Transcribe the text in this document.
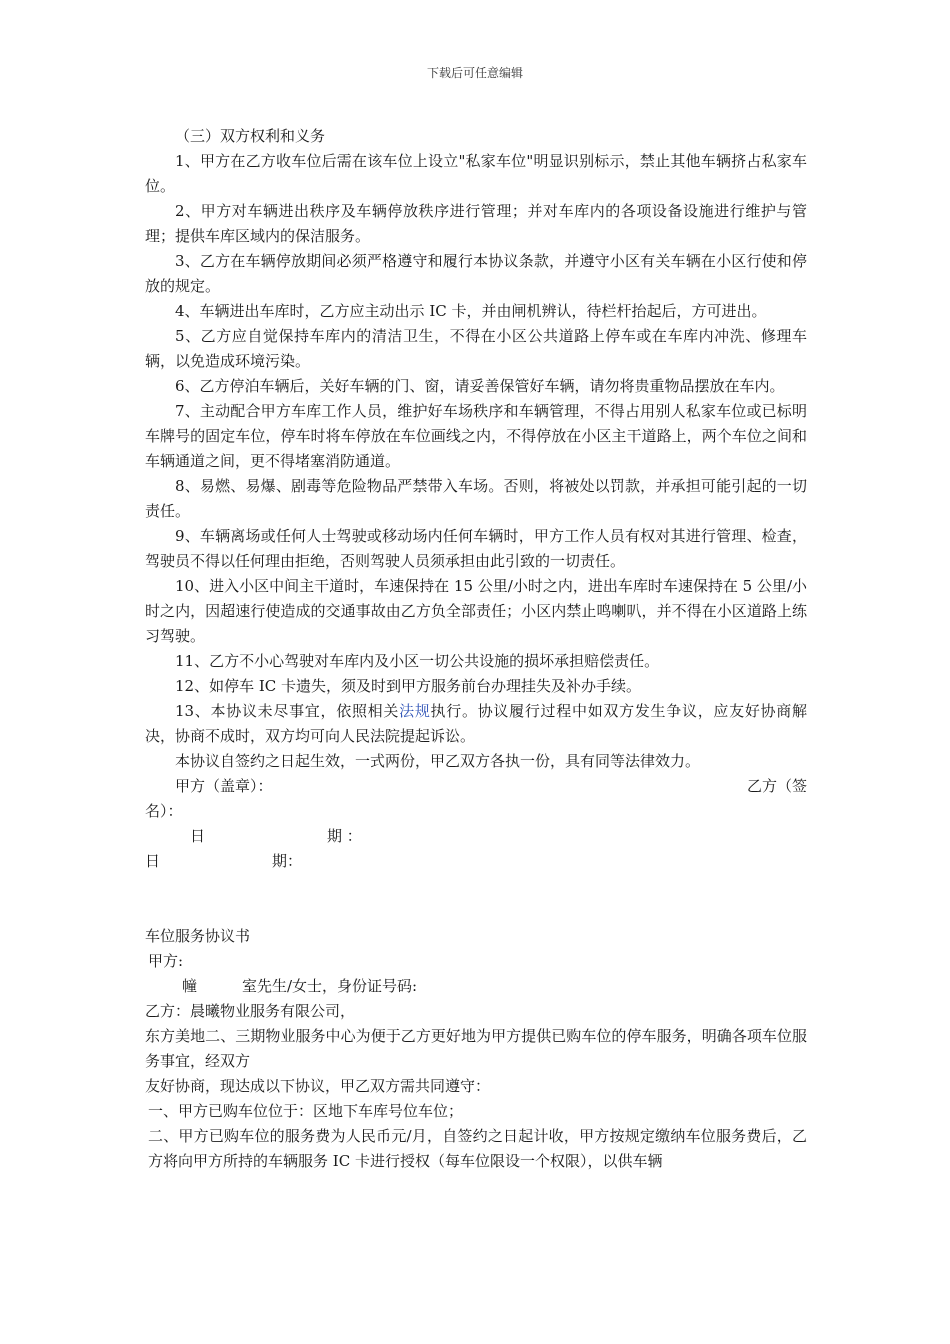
下载后可任意编辑

（三）双方权利和义务

1、甲方在乙方收车位后需在该车位上设立"私家车位"明显识别标示，禁止其他车辆挤占私家车位。

2、甲方对车辆进出秩序及车辆停放秩序进行管理；并对车库内的各项设备设施进行维护与管理；提供车库区域内的保洁服务。

3、乙方在车辆停放期间必须严格遵守和履行本协议条款，并遵守小区有关车辆在小区行使和停放的规定。

4、车辆进出车库时，乙方应主动出示 IC 卡，并由闸机辨认，待栏杆抬起后，方可进出。

5、乙方应自觉保持车库内的清洁卫生，不得在小区公共道路上停车或在车库内冲洗、修理车辆，以免造成环境污染。

6、乙方停泊车辆后，关好车辆的门、窗，请妥善保管好车辆，请勿将贵重物品摆放在车内。

7、主动配合甲方车库工作人员，维护好车场秩序和车辆管理，不得占用别人私家车位或已标明车牌号的固定车位，停车时将车停放在车位画线之内，不得停放在小区主干道路上，两个车位之间和车辆通道之间，更不得堵塞消防通道。

8、易燃、易爆、剧毒等危险物品严禁带入车场。否则，将被处以罚款，并承担可能引起的一切责任。

9、车辆离场或任何人士驾驶或移动场内任何车辆时，甲方工作人员有权对其进行管理、检查，驾驶员不得以任何理由拒绝，否则驾驶人员须承担由此引致的一切责任。

10、进入小区中间主干道时，车速保持在 15 公里/小时之内，进出车库时车速保持在 5 公里/小时之内，因超速行使造成的交通事故由乙方负全部责任；小区内禁止鸣喇叭，并不得在小区道路上练习驾驶。

11、乙方不小心驾驶对车库内及小区一切公共设施的损坏承担赔偿责任。

12、如停车 IC 卡遗失，须及时到甲方服务前台办理挂失及补办手续。

13、本协议未尽事宜，依照相关法规执行。协议履行过程中如双方发生争议，应友好协商解决，协商不成时，双方均可向人民法院提起诉讼。

本协议自签约之日起生效，一式两份，甲乙双方各执一份，具有同等法律效力。

甲方（盖章）：	乙方（签

名）：

日	期 ：
日	期：

车位服务协议书

甲方:

幢	室先生/女士，身份证号码:

乙方：晨曦物业服务有限公司，

东方美地二、三期物业服务中心为便于乙方更好地为甲方提供已购车位的停车服务，明确各项车位服务事宜，经双方

友好协商，现达成以下协议，甲乙双方需共同遵守：

一、甲方已购车位位于：区地下车库号位车位；

二、甲方已购车位的服务费为人民币元/月，自签约之日起计收，甲方按规定缴纳车位服务费后，乙方将向甲方所持的车辆服务 IC 卡进行授权（每车位限设一个权限），以供车辆
